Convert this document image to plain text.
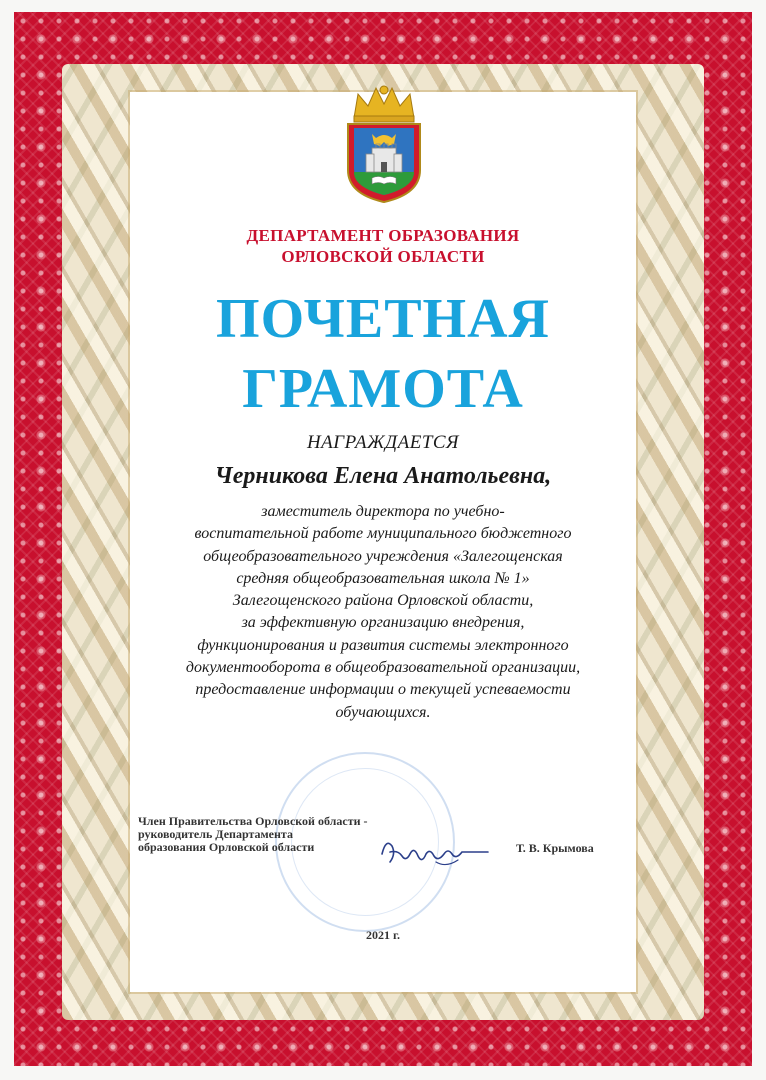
ДЕПАРТАМЕНТ ОБРАЗОВАНИЯ
ОРЛОВСКОЙ ОБЛАСТИ
ПОЧЕТНАЯ
ГРАМОТА
НАГРАЖДАЕТСЯ
Черникова Елена Анатольевна,
заместитель директора по учебно-
воспитательной работе муниципального бюджетного
общеобразовательного учреждения «Залегощенская
средняя общеобразовательная школа № 1»
Залегощенского района Орловской области,
за эффективную организацию внедрения,
функционирования и развития системы электронного
документооборота в общеобразовательной организации,
предоставление информации о текущей успеваемости
обучающихся.
Член Правительства Орловской области -
руководитель Департамента
образования Орловской области	Т. В. Крымова
2021 г.
